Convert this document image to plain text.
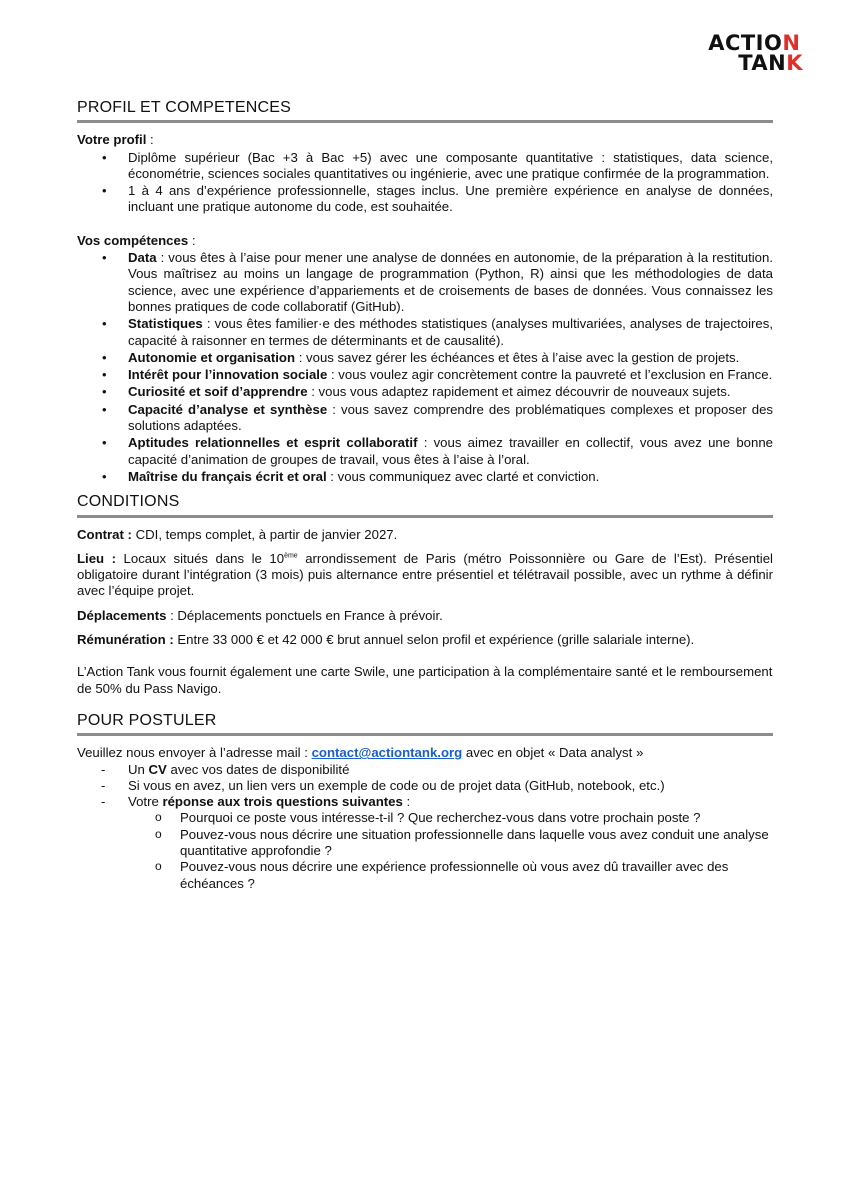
ACTION
TANK
PROFIL ET COMPETENCES

Votre profil :

• Diplôme supérieur (Bac +3 à Bac +5) avec une composante quantitative : statistiques, data science, économétrie, sciences sociales quantitatives ou ingénierie, avec une pratique confirmée de la programmation.
• 1 à 4 ans d’expérience professionnelle, stages inclus. Une première expérience en analyse de données, incluant une pratique autonome du code, est souhaitée.

Vos compétences :

• Data : vous êtes à l’aise pour mener une analyse de données en autonomie, de la préparation à la restitution. Vous maîtrisez au moins un langage de programmation (Python, R) ainsi que les méthodologies de data science, avec une expérience d’appariements et de croisements de bases de données. Vous connaissez les bonnes pratiques de code collaboratif (GitHub).
• Statistiques : vous êtes familier·e des méthodes statistiques (analyses multivariées, analyses de trajectoires, capacité à raisonner en termes de déterminants et de causalité).
• Autonomie et organisation : vous savez gérer les échéances et êtes à l’aise avec la gestion de projets.
• Intérêt pour l’innovation sociale : vous voulez agir concrètement contre la pauvreté et l’exclusion en France.
• Curiosité et soif d’apprendre : vous vous adaptez rapidement et aimez découvrir de nouveaux sujets.
• Capacité d’analyse et synthèse : vous savez comprendre des problématiques complexes et proposer des solutions adaptées.
• Aptitudes relationnelles et esprit collaboratif : vous aimez travailler en collectif, vous avez une bonne capacité d’animation de groupes de travail, vous êtes à l’aise à l’oral.
• Maîtrise du français écrit et oral : vous communiquez avec clarté et conviction.
CONDITIONS

Contrat : CDI, temps complet, à partir de janvier 2027.

Lieu : Locaux situés dans le 10ème arrondissement de Paris (métro Poissonnière ou Gare de l’Est). Présentiel obligatoire durant l’intégration (3 mois) puis alternance entre présentiel et télétravail possible, avec un rythme à définir avec l’équipe projet.

Déplacements : Déplacements ponctuels en France à prévoir.

Rémunération : Entre 33 000 € et 42 000 € brut annuel selon profil et expérience (grille salariale interne).

L’Action Tank vous fournit également une carte Swile, une participation à la complémentaire santé et le remboursement de 50% du Pass Navigo.

POUR POSTULER

Veuillez nous envoyer à l’adresse mail : contact@actiontank.org avec en objet « Data analyst »

- Un CV avec vos dates de disponibilité
- Si vous en avez, un lien vers un exemple de code ou de projet data (GitHub, notebook, etc.)
- Votre réponse aux trois questions suivantes :
o Pourquoi ce poste vous intéresse-t-il ? Que recherchez-vous dans votre prochain poste ?
o Pouvez-vous nous décrire une situation professionnelle dans laquelle vous avez conduit une analyse quantitative approfondie ?
o Pouvez-vous nous décrire une expérience professionnelle où vous avez dû travailler avec des échéances ?
